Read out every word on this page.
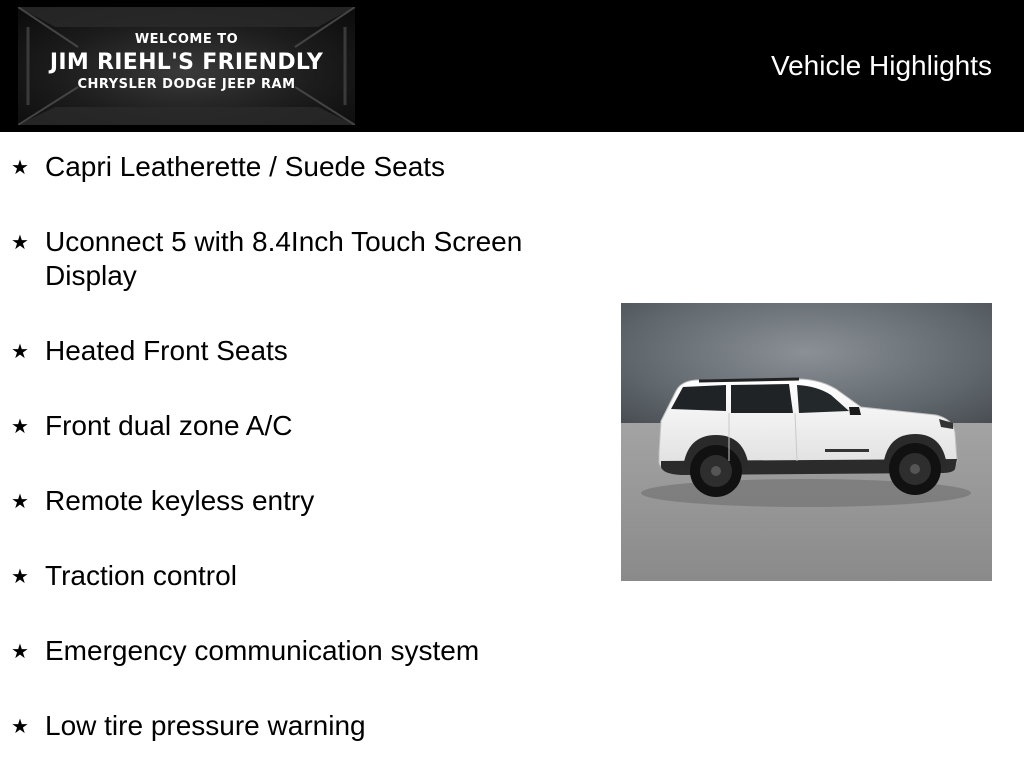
WELCOME TO
JIM RIEHL'S FRIENDLY
CHRYSLER DODGE JEEP RAM
Vehicle Highlights
★ Capri Leatherette / Suede Seats
★ Uconnect 5 with 8.4Inch Touch Screen Display
★ Heated Front Seats
★ Front dual zone A/C
★ Remote keyless entry
★ Traction control
★ Emergency communication system
★ Low tire pressure warning
